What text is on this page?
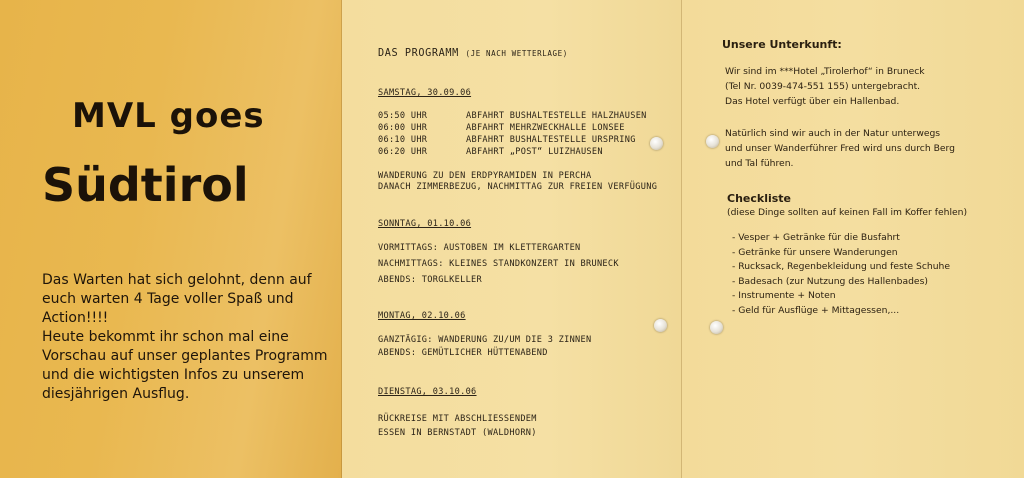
MVL goes
Südtirol

Das Warten hat sich gelohnt, denn auf
euch warten 4 Tage voller Spaß und
Action!!!!
Heute bekommt ihr schon mal eine
Vorschau auf unser geplantes Programm
und die wichtigsten Infos zu unserem
diesjährigen Ausflug.

DAS PROGRAMM (JE NACH WETTERLAGE)

SAMSTAG, 30.09.06

05:50 UHR	ABFAHRT BUSHALTESTELLE HALZHAUSEN

06:00 UHR	ABFAHRT MEHRZWECKHALLE LONSEE

06:10 UHR	ABFAHRT BUSHALTESTELLE URSPRING

06:20 UHR	ABFAHRT „POST“ LUIZHAUSEN

WANDERUNG ZU DEN ERDPYRAMIDEN IN PERCHA

DANACH ZIMMERBEZUG, NACHMITTAG ZUR FREIEN VERFÜGUNG

SONNTAG, 01.10.06

VORMITTAGS: AUSTOBEN IM KLETTERGARTEN

NACHMITTAGS: KLEINES STANDKONZERT IN BRUNECK

ABENDS: TORGLKELLER

MONTAG, 02.10.06

GANZTÄGIG: WANDERUNG ZU/UM DIE 3 ZINNEN

ABENDS: GEMÜTLICHER HÜTTENABEND

DIENSTAG, 03.10.06

RÜCKREISE MIT ABSCHLIESSENDEM

ESSEN IN BERNSTADT (WALDHORN)

Unsere Unterkunft:

Wir sind im ***Hotel „Tirolerhof“ in Bruneck
(Tel Nr. 0039-474-551 155) untergebracht.
Das Hotel verfügt über ein Hallenbad.

Natürlich sind wir auch in der Natur unterwegs
und unser Wanderführer Fred wird uns durch Berg
und Tal führen.

Checkliste

(diese Dinge sollten auf keinen Fall im Koffer fehlen)

- Vesper + Getränke für die Busfahrt
- Getränke für unsere Wanderungen
- Rucksack, Regenbekleidung und feste Schuhe
- Badesach (zur Nutzung des Hallenbades)
- Instrumente + Noten
- Geld für Ausflüge + Mittagessen,...
